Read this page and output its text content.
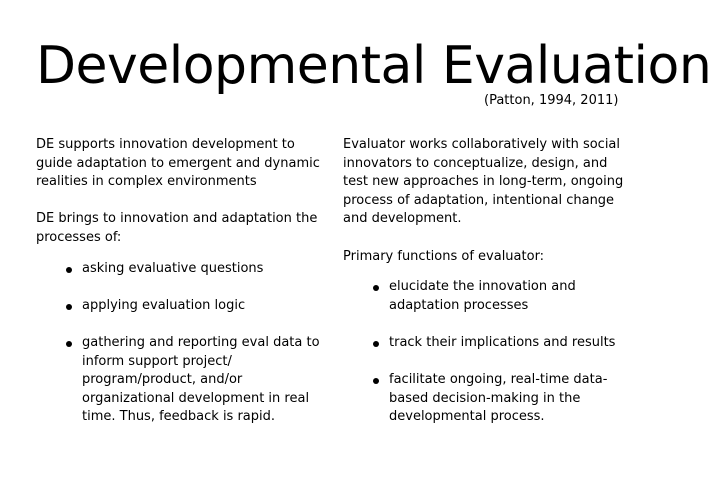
Developmental Evaluation
(Patton, 1994, 2011)

DE supports innovation development to guide adaptation to emergent and dynamic realities in complex environments

DE brings to innovation and adaptation the processes of:

asking evaluative questions
applying evaluation logic
gathering and reporting eval data to inform support project/ program/product, and/or organizational development in real time. Thus, feedback is rapid.

Evaluator works collaboratively with social innovators to conceptualize, design, and test new approaches in long-term, ongoing process of adaptation, intentional change and development.

Primary functions of evaluator:

elucidate the innovation and adaptation processes
track their implications and results
facilitate ongoing, real-time data-based decision-making in the developmental process.
